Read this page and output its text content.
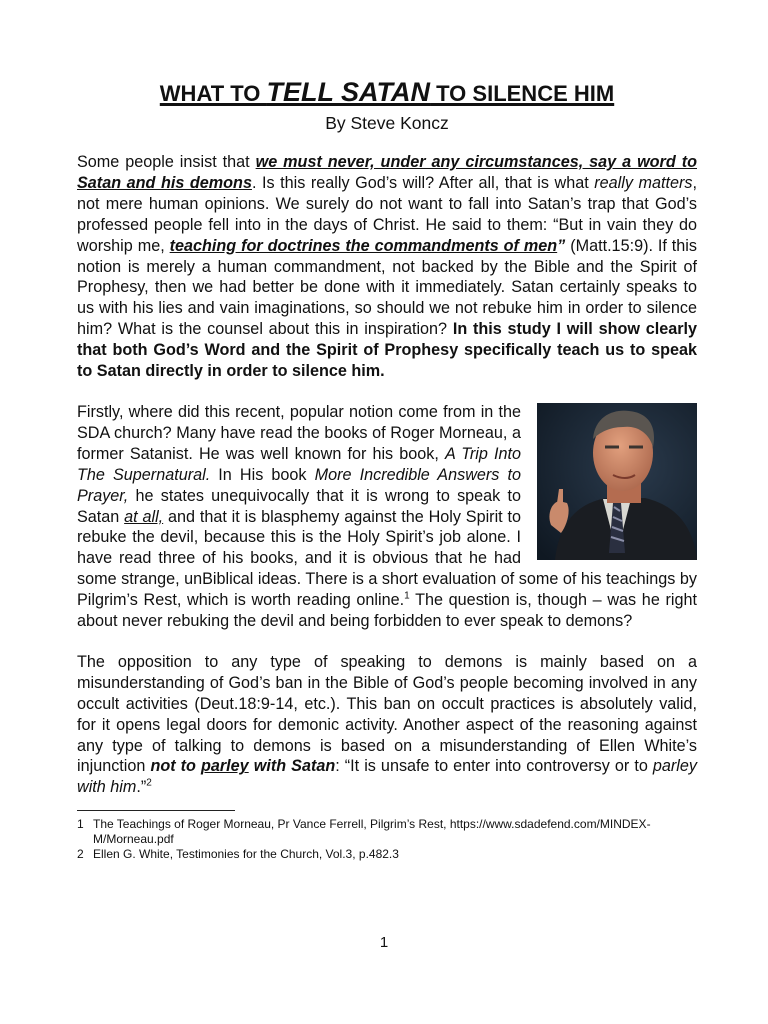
WHAT TO TELL SATAN TO SILENCE HIM
By Steve Koncz

Some people insist that we must never, under any circumstances, say a word to Satan and his demons. Is this really God’s will? After all, that is what really matters, not mere human opinions. We surely do not want to fall into Satan’s trap that God’s professed people fell into in the days of Christ. He said to them: “But in vain they do worship me, teaching for doctrines the commandments of men” (Matt.15:9). If this notion is merely a human commandment, not backed by the Bible and the Spirit of Prophesy, then we had better be done with it immediately. Satan certainly speaks to us with his lies and vain imaginations, so should we not rebuke him in order to silence him? What is the counsel about this in inspiration? In this study I will show clearly that both God’s Word and the Spirit of Prophesy specifically teach us to speak to Satan directly in order to silence him.

Firstly, where did this recent, popular notion come from in the SDA church? Many have read the books of Roger Morneau, a former Satanist. He was well known for his book, A Trip Into The Supernatural. In His book More Incredible Answers to Prayer, he states unequivocally that it is wrong to speak to Satan at all, and that it is blasphemy against the Holy Spirit to rebuke the devil, because this is the Holy Spirit’s job alone. I have read three of his books, and it is obvious that he had some strange, unBiblical ideas. There is a short evaluation of some of his teachings by Pilgrim’s Rest, which is worth reading online.$^1$ The question is, though – was he right about never rebuking the devil and being forbidden to ever speak to demons?

The opposition to any type of speaking to demons is mainly based on a misunderstanding of God’s ban in the Bible of God’s people becoming involved in any occult activities (Deut.18:9-14, etc.). This ban on occult practices is absolutely valid, for it opens legal doors for demonic activity. Another aspect of the reasoning against any type of talking to demons is based on a misunderstanding of Ellen White’s injunction not to parley with Satan: “It is unsafe to enter into controversy or to parley with him.”$^2$

1 The Teachings of Roger Morneau, Pr Vance Ferrell, Pilgrim’s Rest, https://www.sdadefend.com/MINDEX-M/Morneau.pdf
2 Ellen G. White, Testimonies for the Church, Vol.3, p.482.3
1
